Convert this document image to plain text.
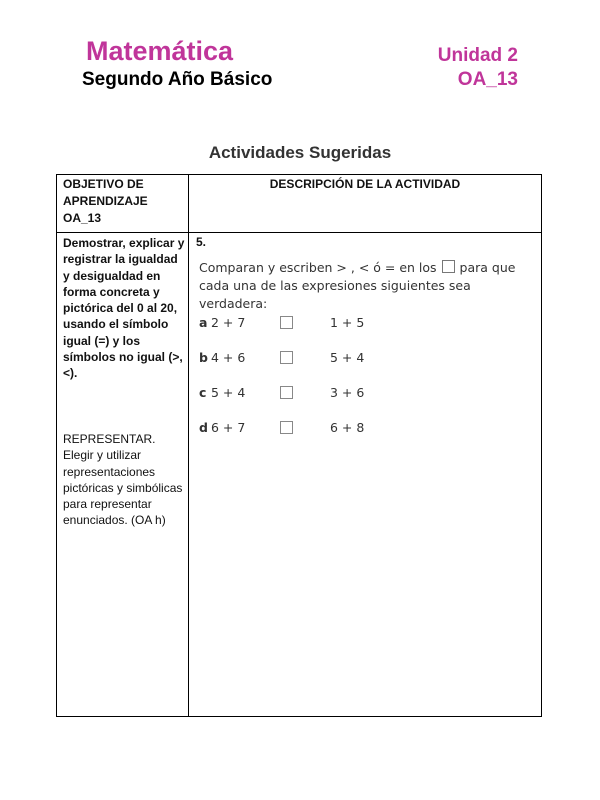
Matemática
Segundo Año Básico
Unidad 2
OA_13
Actividades Sugeridas
OBJETIVO DE APRENDIZAJE OA_13
DESCRIPCIÓN DE LA ACTIVIDAD
Demostrar, explicar y registrar la igualdad y desigualdad en forma concreta y pictórica del 0 al 20, usando el símbolo igual (=) y los símbolos no igual (>,<).
REPRESENTAR. Elegir y utilizar representaciones pictóricas y simbólicas para representar enunciados. (OA h)
5.
Comparan y escriben > , < ó = en los para que cada una de las expresiones siguientes sea verdadera:
a 2 + 7	1 + 5
b 4 + 6	5 + 4
c 5 + 4	3 + 6
d 6 + 7	6 + 8
